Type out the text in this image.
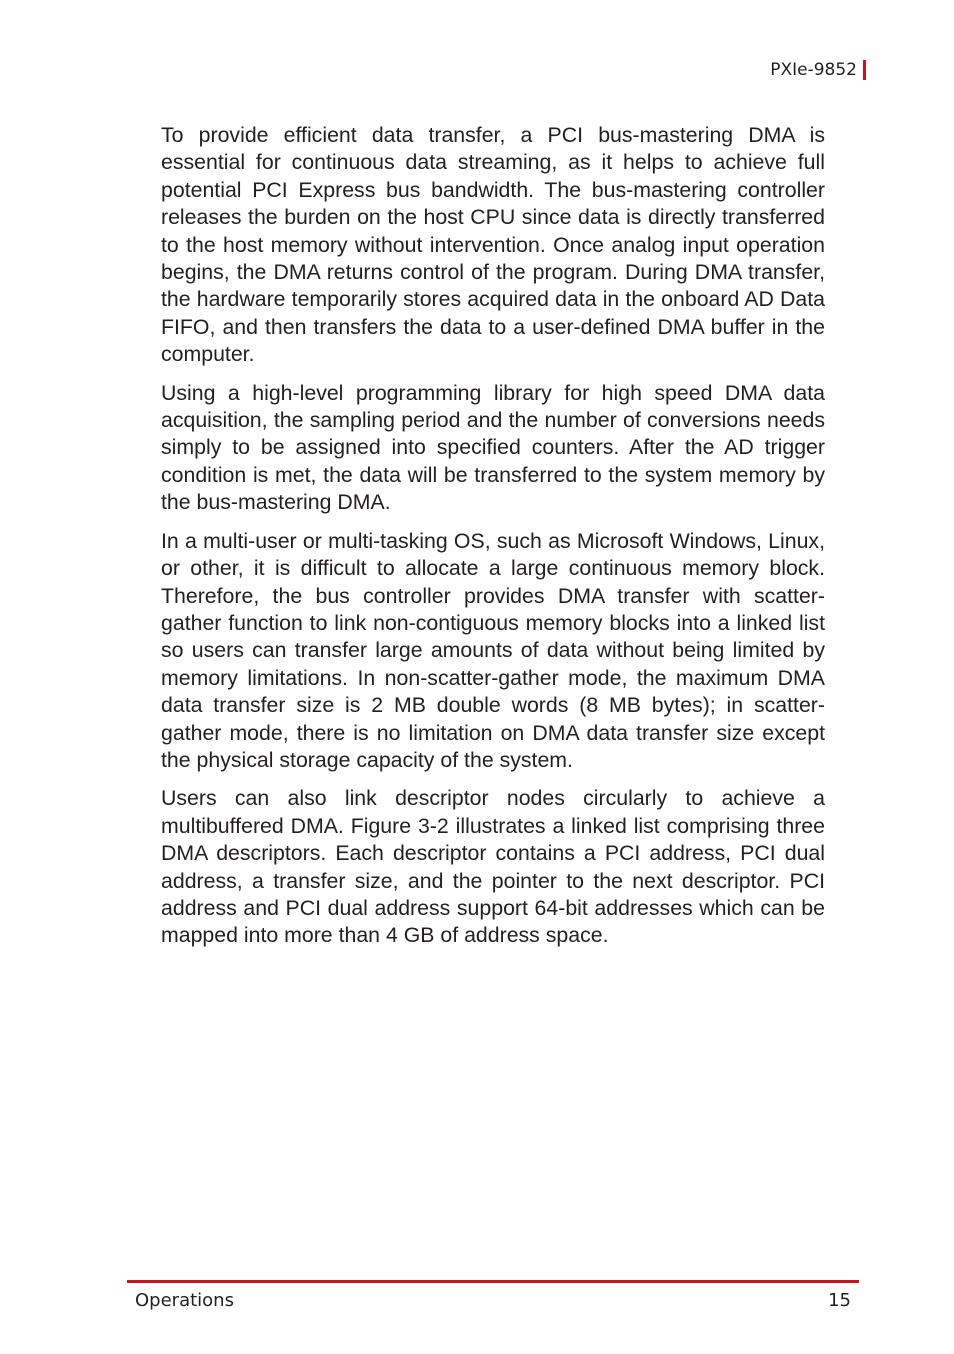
PXIe-9852

To provide efficient data transfer, a PCI bus-mastering DMA is essential for continuous data streaming, as it helps to achieve full potential PCI Express bus bandwidth. The bus-mastering controller releases the burden on the host CPU since data is directly transferred to the host memory without intervention. Once analog input operation begins, the DMA returns control of the program. During DMA transfer, the hardware temporarily stores acquired data in the onboard AD Data FIFO, and then transfers the data to a user-defined DMA buffer in the computer.

Using a high-level programming library for high speed DMA data acquisition, the sampling period and the number of conversions needs simply to be assigned into specified counters. After the AD trigger condition is met, the data will be transferred to the system memory by the bus-mastering DMA.

In a multi-user or multi-tasking OS, such as Microsoft Windows, Linux, or other, it is difficult to allocate a large continuous memory block. Therefore, the bus controller provides DMA transfer with scatter-gather function to link non-contiguous memory blocks into a linked list so users can transfer large amounts of data without being limited by memory limitations. In non-scatter-gather mode, the maximum DMA data transfer size is 2 MB double words (8 MB bytes); in scatter-gather mode, there is no limitation on DMA data transfer size except the physical storage capacity of the system.

Users can also link descriptor nodes circularly to achieve a multibuffered DMA. Figure 3-2 illustrates a linked list comprising three DMA descriptors. Each descriptor contains a PCI address, PCI dual address, a transfer size, and the pointer to the next descriptor. PCI address and PCI dual address support 64-bit addresses which can be mapped into more than 4 GB of address space.

Operations	15
